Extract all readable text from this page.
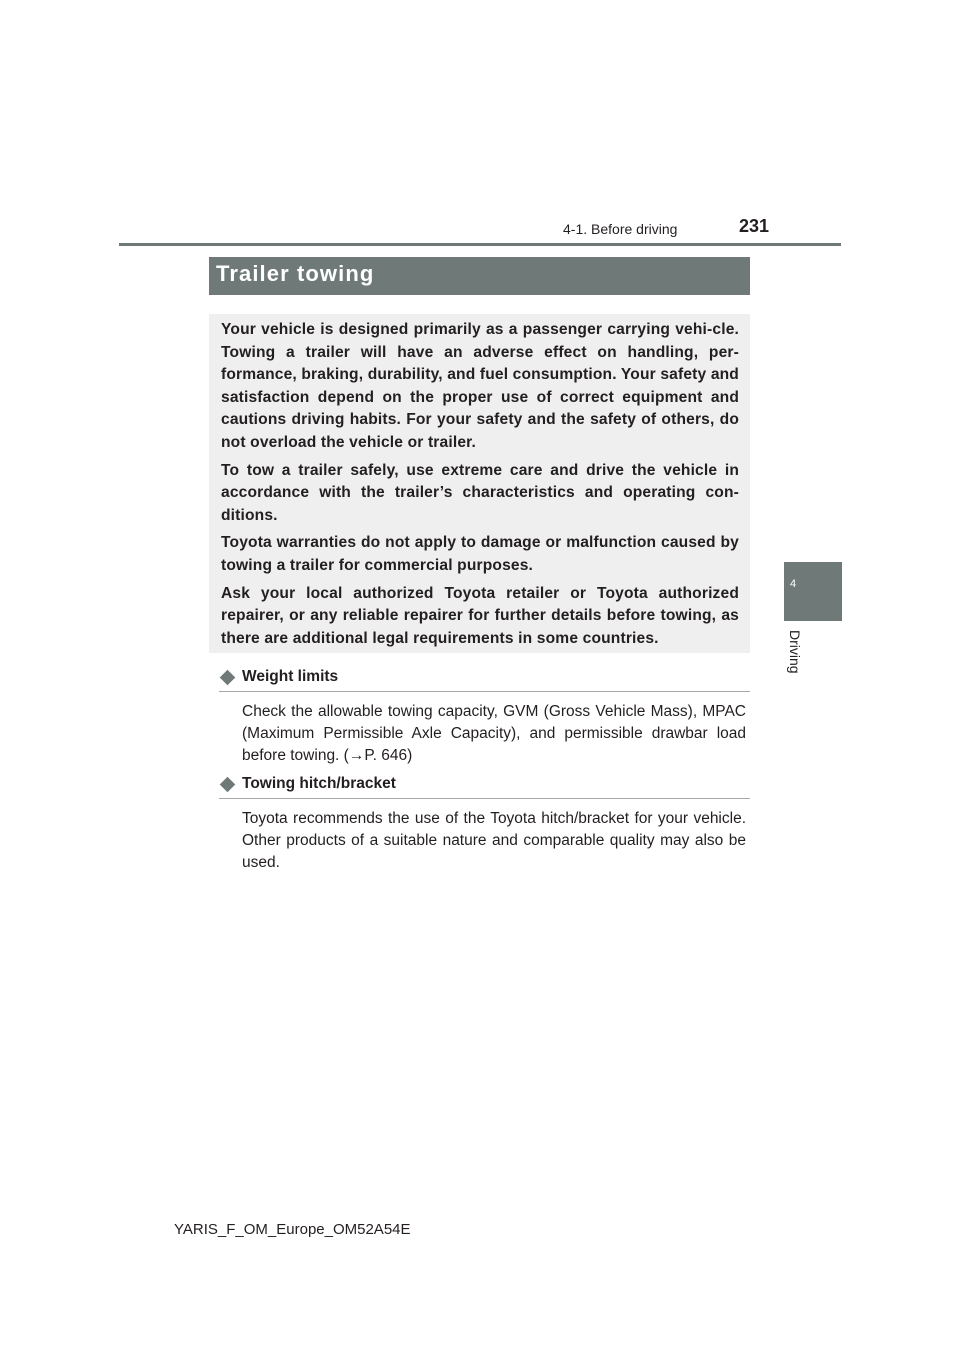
4-1. Before driving	231
4
Driving
Trailer towing

Your vehicle is designed primarily as a passenger carrying vehi-cle. Towing a trailer will have an adverse effect on handling, per-formance, braking, durability, and fuel consumption. Your safety and satisfaction depend on the proper use of correct equipment and cautions driving habits. For your safety and the safety of others, do not overload the vehicle or trailer.

To tow a trailer safely, use extreme care and drive the vehicle in accordance with the trailer’s characteristics and operating con-ditions.

Toyota warranties do not apply to damage or malfunction caused by towing a trailer for commercial purposes.

Ask your local authorized Toyota retailer or Toyota authorized repairer, or any reliable repairer for further details before towing, as there are additional legal requirements in some countries.

Weight limits
Check the allowable towing capacity, GVM (Gross Vehicle Mass), MPAC (Maximum Permissible Axle Capacity), and permissible drawbar load before towing. (→P. 646)
Towing hitch/bracket
Toyota recommends the use of the Toyota hitch/bracket for your vehicle. Other products of a suitable nature and comparable quality may also be used.
YARIS_F_OM_Europe_OM52A54E
